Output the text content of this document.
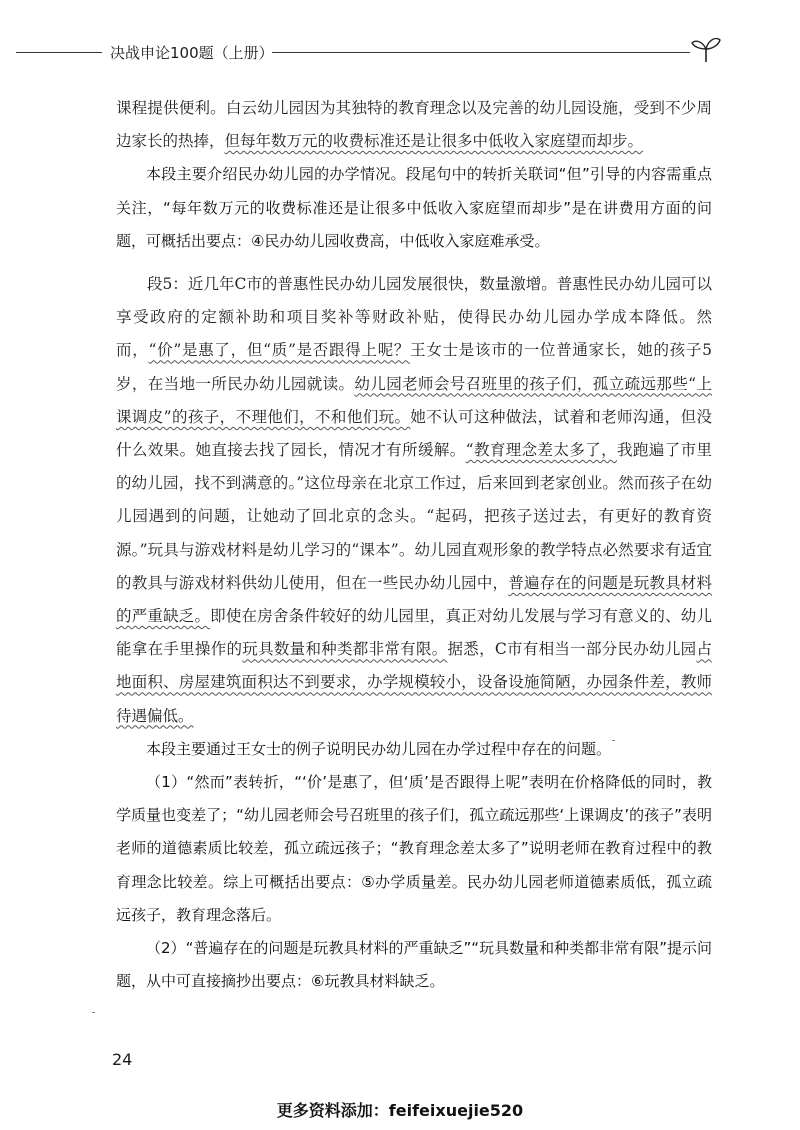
决战申论100题（上册）

课程提供便利。白云幼儿园因为其独特的教育理念以及完善的幼儿园设施，受到不少周边家长的热捧，但每年数万元的收费标准还是让很多中低收入家庭望而却步。

本段主要介绍民办幼儿园的办学情况。段尾句中的转折关联词“但”引导的内容需重点关注，“每年数万元的收费标准还是让很多中低收入家庭望而却步”是在讲费用方面的问题，可概括出要点：④民办幼儿园收费高，中低收入家庭难承受。

段5：近几年C市的普惠性民办幼儿园发展很快，数量激增。普惠性民办幼儿园可以享受政府的定额补助和项目奖补等财政补贴，使得民办幼儿园办学成本降低。然而，“价”是惠了，但“质”是否跟得上呢？王女士是该市的一位普通家长，她的孩子5岁，在当地一所民办幼儿园就读。幼儿园老师会号召班里的孩子们，孤立疏远那些“上课调皮”的孩子，不理他们，不和他们玩。她不认可这种做法，试着和老师沟通，但没什么效果。她直接去找了园长，情况才有所缓解。“教育理念差太多了，我跑遍了市里的幼儿园，找不到满意的。”这位母亲在北京工作过，后来回到老家创业。然而孩子在幼儿园遇到的问题，让她动了回北京的念头。“起码，把孩子送过去，有更好的教育资源。”玩具与游戏材料是幼儿学习的“课本”。幼儿园直观形象的教学特点必然要求有适宜的教具与游戏材料供幼儿使用，但在一些民办幼儿园中，普遍存在的问题是玩教具材料的严重缺乏。即使在房舍条件较好的幼儿园里，真正对幼儿发展与学习有意义的、幼儿能拿在手里操作的玩具数量和种类都非常有限。据悉，C市有相当一部分民办幼儿园占地面积、房屋建筑面积达不到要求，办学规模较小，设备设施简陋，办园条件差，教师待遇偏低。

本段主要通过王女士的例子说明民办幼儿园在办学过程中存在的问题。

（1）“然而”表转折，“‘价’是惠了，但‘质’是否跟得上呢”表明在价格降低的同时，教学质量也变差了；“幼儿园老师会号召班里的孩子们，孤立疏远那些‘上课调皮’的孩子”表明老师的道德素质比较差，孤立疏远孩子；“教育理念差太多了”说明老师在教育过程中的教育理念比较差。综上可概括出要点：⑤办学质量差。民办幼儿园老师道德素质低，孤立疏远孩子，教育理念落后。

（2）“普遍存在的问题是玩教具材料的严重缺乏”“玩具数量和种类都非常有限”提示问题，从中可直接摘抄出要点：⑥玩教具材料缺乏。

24
更多资料添加：feifeixuejie520
